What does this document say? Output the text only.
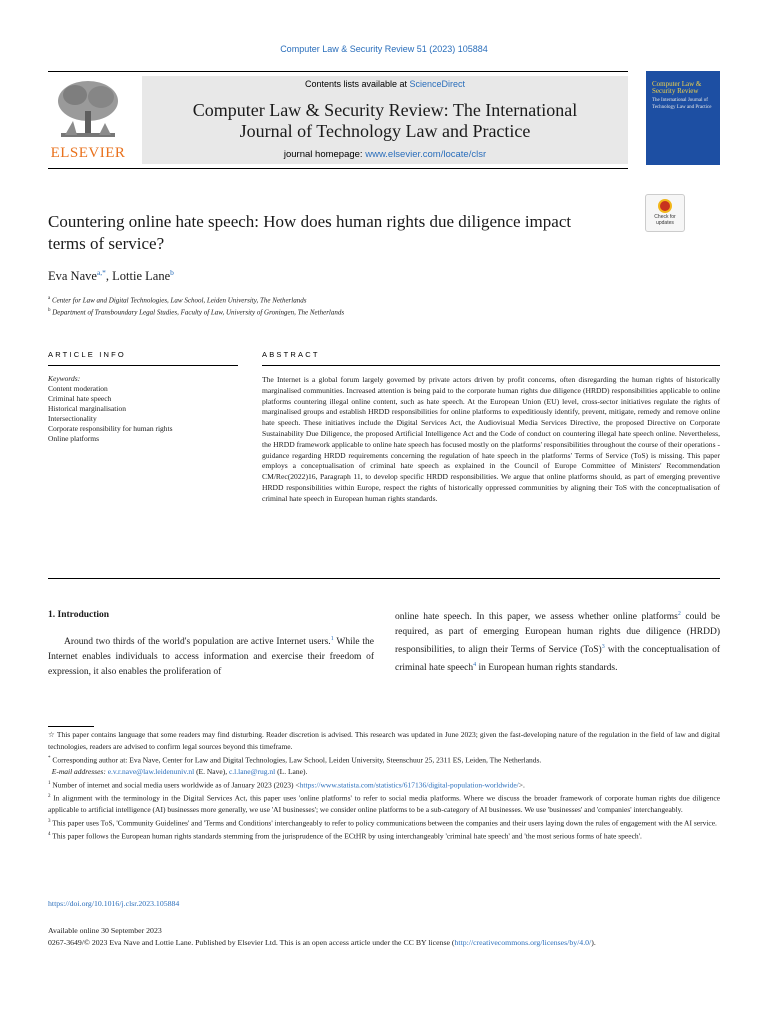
Computer Law & Security Review 51 (2023) 105884
ELSEVIER
Contents lists available at ScienceDirect
Computer Law & Security Review: The International
Journal of Technology Law and Practice
journal homepage: www.elsevier.com/locate/clsr
Computer Law & Security Review
The International Journal of Technology Law and Practice
Check for
updates
Countering online hate speech: How does human rights due diligence impact terms of service?
Eva Nave$^{a,*}$, Lottie Lane$^b$
$^a$ Center for Law and Digital Technologies, Law School, Leiden University, The Netherlands
$^b$ Department of Transboundary Legal Studies, Faculty of Law, University of Groningen, The Netherlands
ARTICLE INFO	ABSTRACT
Keywords:
Content moderation
Criminal hate speech
Historical marginalisation
Intersectionality
Corporate responsibility for human rights
Online platforms
The Internet is a global forum largely governed by private actors driven by profit concerns, often disregarding the human rights of historically marginalised communities. Increased attention is being paid to the corporate human rights due diligence (HRDD) responsibilities applicable to online platforms countering illegal online content, such as hate speech. At the European Union (EU) level, cross-sector initiatives regulate the rights of marginalised groups and establish HRDD responsibilities for online platforms to expeditiously identify, prevent, mitigate, remedy and remove online hate speech. These initiatives include the Digital Services Act, the Audiovisual Media Services Directive, the proposed Directive on Corporate Sustainability Due Diligence, the proposed Artificial Intelligence Act and the Code of conduct on countering illegal hate speech online. Nevertheless, the HRDD framework applicable to online hate speech has focused mostly on the platforms' responsibilities throughout the course of their operations - guidance regarding HRDD requirements concerning the regulation of hate speech in the platforms' Terms of Service (ToS) is missing. This paper employs a conceptualisation of criminal hate speech as explained in the Council of Europe Committee of Ministers' Recommendation CM/Rec(2022)16, Paragraph 11, to develop specific HRDD responsibilities. We argue that online platforms should, as part of emerging preventive HRDD responsibilities within Europe, respect the rights of historically oppressed communities by aligning their ToS with the conceptualisation of criminal hate speech in European human rights standards.
1. Introduction
Around two thirds of the world's population are active Internet users.$^1$ While the Internet enables individuals to access information and exercise their freedom of expression, it also enables the proliferation of
online hate speech. In this paper, we assess whether online platforms$^2$ could be required, as part of emerging European human rights due diligence (HRDD) responsibilities, to align their Terms of Service (ToS)$^3$ with the conceptualisation of criminal hate speech$^4$ in European human rights standards.

☆ This paper contains language that some readers may find disturbing. Reader discretion is advised. This research was updated in June 2023; given the fast-developing nature of the regulation in the field of law and digital technologies, readers are advised to confirm legal sources beyond this timeframe.

* Corresponding author at: Eva Nave, Center for Law and Digital Technologies, Law School, Leiden University, Steenschuur 25, 2311 ES, Leiden, The Netherlands.

E-mail addresses: e.v.r.nave@law.leidenuniv.nl (E. Nave), c.l.lane@rug.nl (L. Lane).

$^1$ Number of internet and social media users worldwide as of January 2023 (2023) <https://www.statista.com/statistics/617136/digital-population-worldwide/>.

$^2$ In alignment with the terminology in the Digital Services Act, this paper uses 'online platforms' to refer to social media platforms. Where we discuss the broader framework of corporate human rights due diligence applicable to artificial intelligence (AI) businesses more generally, we use 'AI businesses'; we consider online platforms to be a sub-category of AI businesses. We use 'businesses' and 'companies' interchangeably.

$^3$ This paper uses ToS, 'Community Guidelines' and 'Terms and Conditions' interchangeably to refer to policy communications between the companies and their users laying down the rules of engagement with the AI service.

$^4$ This paper follows the European human rights standards stemming from the jurisprudence of the ECtHR by using interchangeably 'criminal hate speech' and 'the most serious forms of hate speech'.

https://doi.org/10.1016/j.clsr.2023.105884

Available online 30 September 2023

0267-3649/© 2023 Eva Nave and Lottie Lane. Published by Elsevier Ltd. This is an open access article under the CC BY license (http://creativecommons.org/licenses/by/4.0/).
